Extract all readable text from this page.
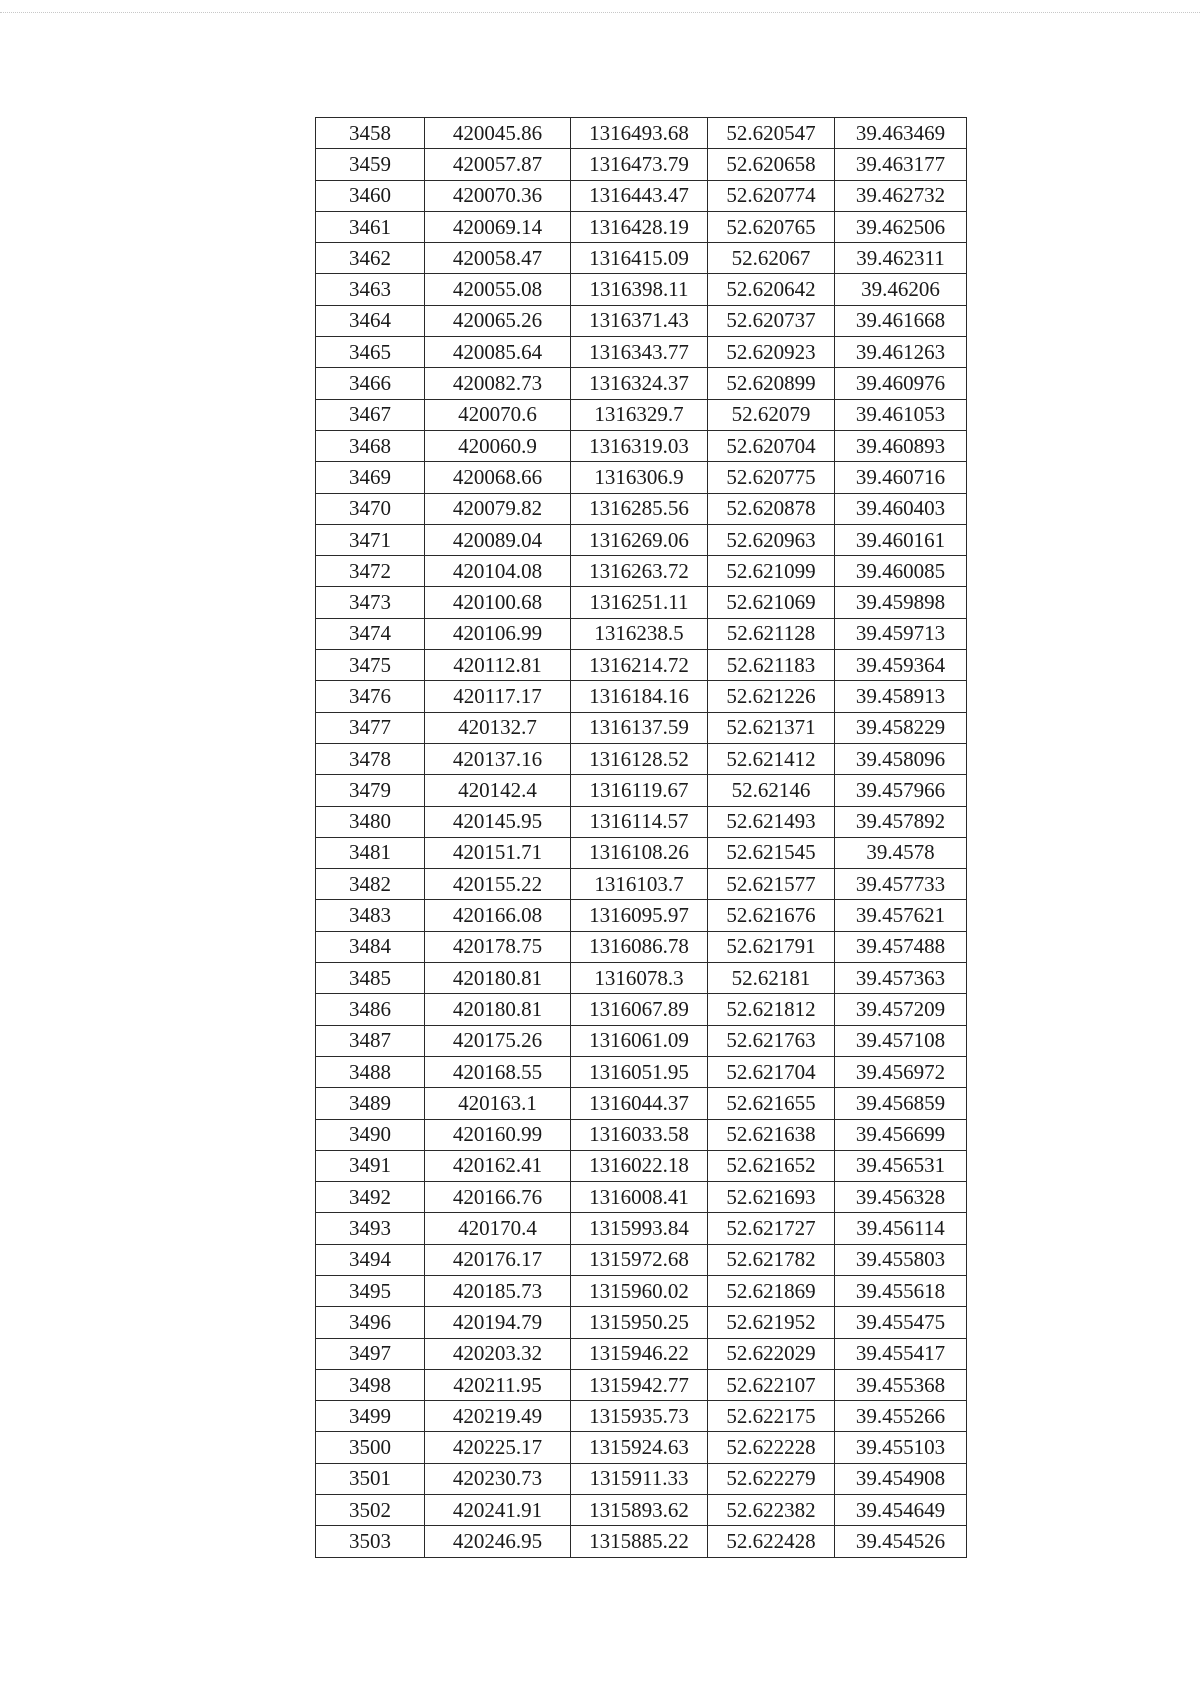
3458	420045.86	1316493.68	52.620547	39.463469
3459	420057.87	1316473.79	52.620658	39.463177
3460	420070.36	1316443.47	52.620774	39.462732
3461	420069.14	1316428.19	52.620765	39.462506
3462	420058.47	1316415.09	52.62067	39.462311
3463	420055.08	1316398.11	52.620642	39.46206
3464	420065.26	1316371.43	52.620737	39.461668
3465	420085.64	1316343.77	52.620923	39.461263
3466	420082.73	1316324.37	52.620899	39.460976
3467	420070.6	1316329.7	52.62079	39.461053
3468	420060.9	1316319.03	52.620704	39.460893
3469	420068.66	1316306.9	52.620775	39.460716
3470	420079.82	1316285.56	52.620878	39.460403
3471	420089.04	1316269.06	52.620963	39.460161
3472	420104.08	1316263.72	52.621099	39.460085
3473	420100.68	1316251.11	52.621069	39.459898
3474	420106.99	1316238.5	52.621128	39.459713
3475	420112.81	1316214.72	52.621183	39.459364
3476	420117.17	1316184.16	52.621226	39.458913
3477	420132.7	1316137.59	52.621371	39.458229
3478	420137.16	1316128.52	52.621412	39.458096
3479	420142.4	1316119.67	52.62146	39.457966
3480	420145.95	1316114.57	52.621493	39.457892
3481	420151.71	1316108.26	52.621545	39.4578
3482	420155.22	1316103.7	52.621577	39.457733
3483	420166.08	1316095.97	52.621676	39.457621
3484	420178.75	1316086.78	52.621791	39.457488
3485	420180.81	1316078.3	52.62181	39.457363
3486	420180.81	1316067.89	52.621812	39.457209
3487	420175.26	1316061.09	52.621763	39.457108
3488	420168.55	1316051.95	52.621704	39.456972
3489	420163.1	1316044.37	52.621655	39.456859
3490	420160.99	1316033.58	52.621638	39.456699
3491	420162.41	1316022.18	52.621652	39.456531
3492	420166.76	1316008.41	52.621693	39.456328
3493	420170.4	1315993.84	52.621727	39.456114
3494	420176.17	1315972.68	52.621782	39.455803
3495	420185.73	1315960.02	52.621869	39.455618
3496	420194.79	1315950.25	52.621952	39.455475
3497	420203.32	1315946.22	52.622029	39.455417
3498	420211.95	1315942.77	52.622107	39.455368
3499	420219.49	1315935.73	52.622175	39.455266
3500	420225.17	1315924.63	52.622228	39.455103
3501	420230.73	1315911.33	52.622279	39.454908
3502	420241.91	1315893.62	52.622382	39.454649
3503	420246.95	1315885.22	52.622428	39.454526
